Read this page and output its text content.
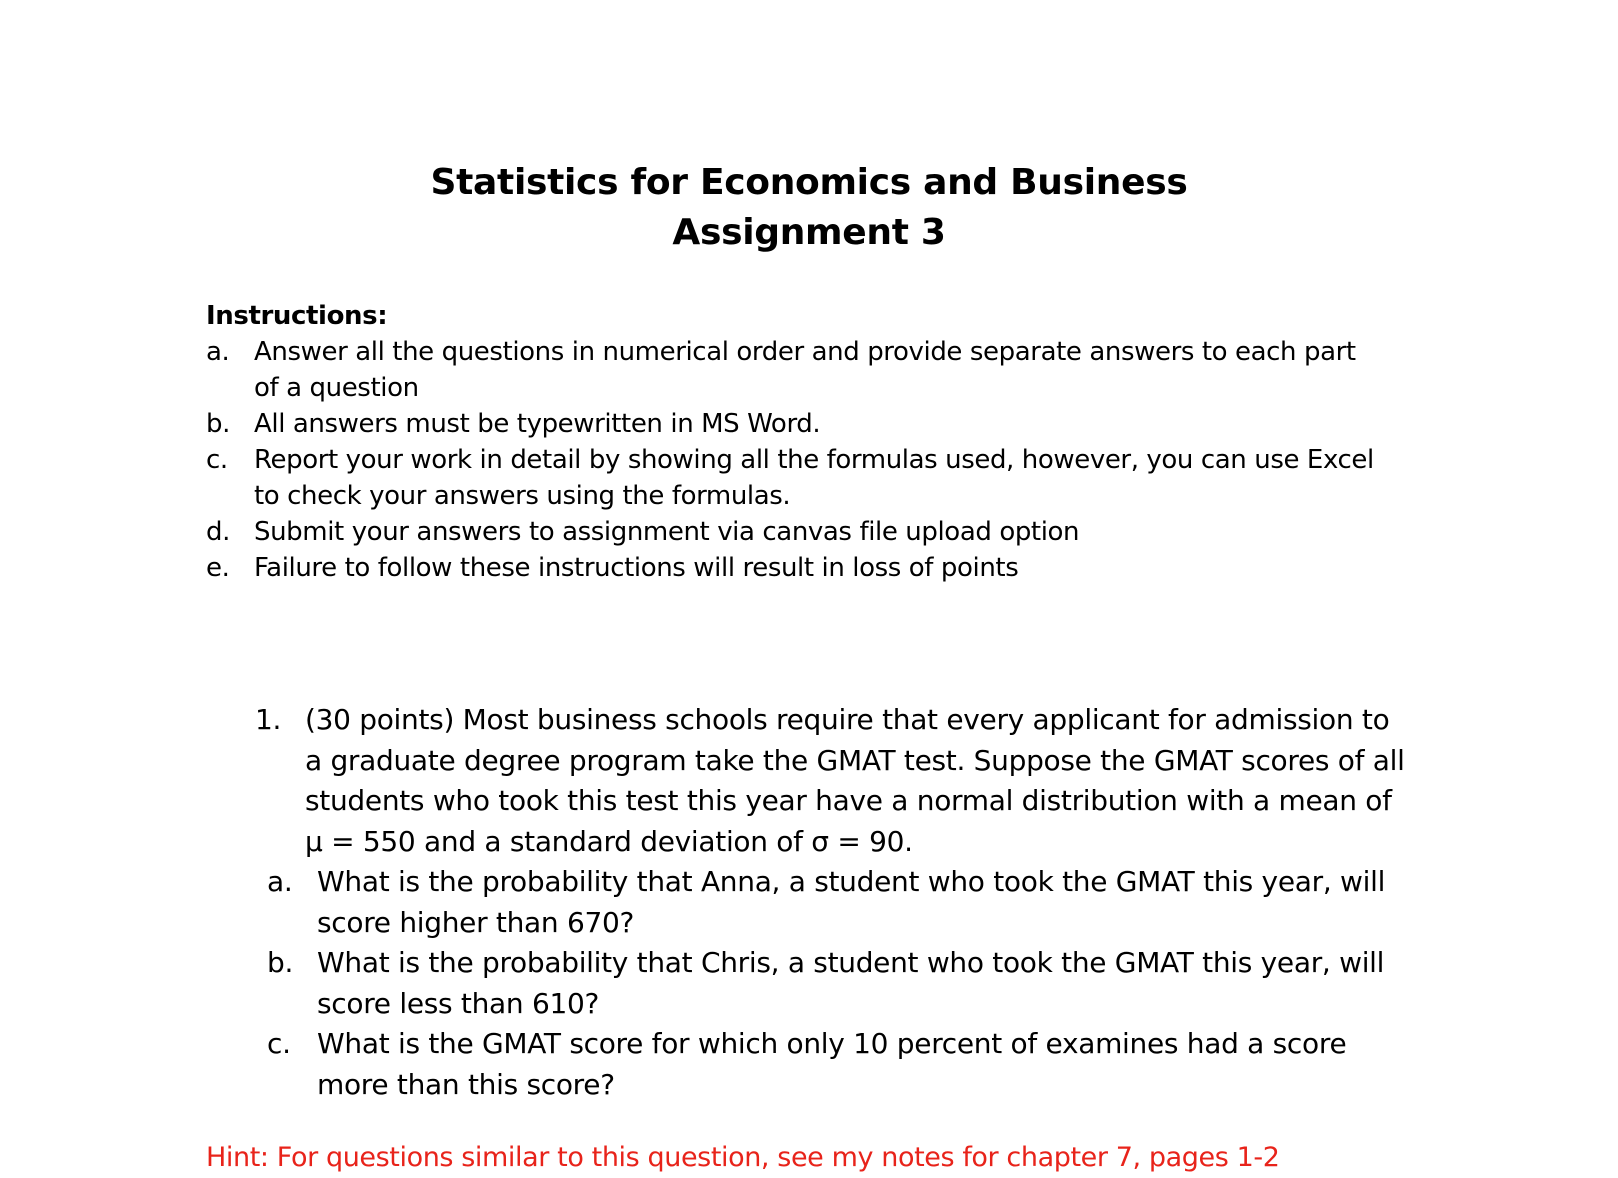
Statistics for Economics and Business
Assignment 3
Instructions:
a. Answer all the questions in numerical order and provide separate answers to each part of a question
b. All answers must be typewritten in MS Word.
c.	Report your work in detail by showing all the formulas used, however, you can use Excel to check your answers using the formulas.
d. Submit your answers to assignment via canvas file upload option
e. Failure to follow these instructions will result in loss of points
1. (30 points) Most business schools require that every applicant for admission to a graduate degree program take the GMAT test. Suppose the GMAT scores of all students who took this test this year have a normal distribution with a mean of μ = 550 and a standard deviation of σ = 90.
a. What is the probability that Anna, a student who took the GMAT this year, will score higher than 670?
b. What is the probability that Chris, a student who took the GMAT this year, will score less than 610?
c. What is the GMAT score for which only 10 percent of examines had a score more than this score?
Hint: For questions similar to this question, see my notes for chapter 7, pages 1-2
